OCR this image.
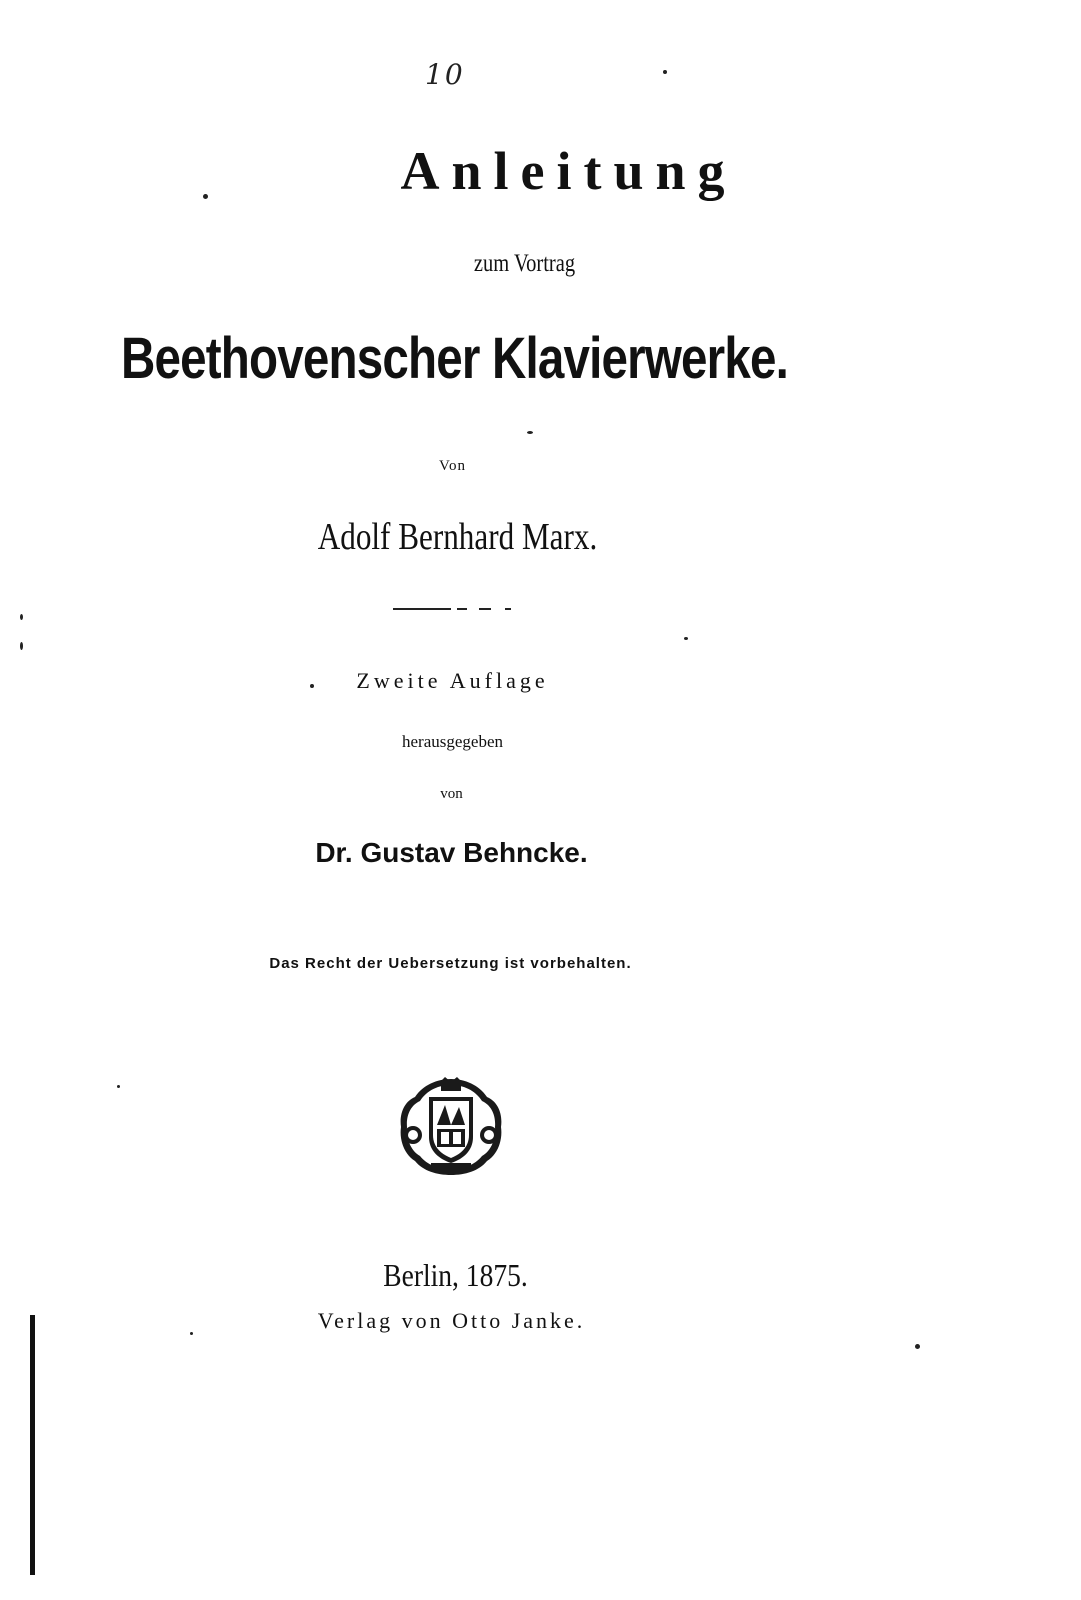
10
Anleitung
zum Vortrag
Beethovenscher Klavierwerke.
Von
Adolf Bernhard Marx.
Zweite Auflage
herausgegeben
von
Dr. Gustav Behncke.
Das Recht der Uebersetzung ist vorbehalten.
Berlin, 1875.
Verlag von Otto Janke.
